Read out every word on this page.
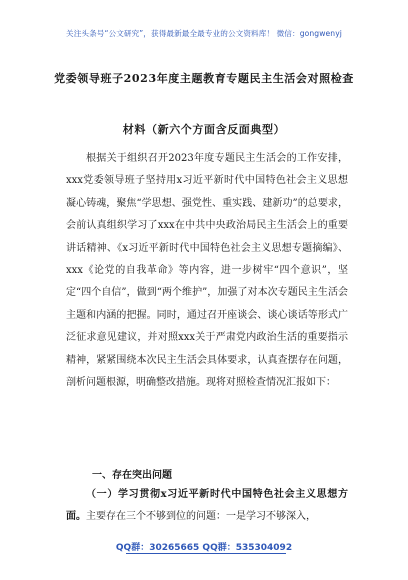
关注头条号“公文研究”，获得最新最全最专业的公文资料库！ 微信：gongwenyj
党委领导班子2023年度主题教育专题民主生活会对照检查
材料（新六个方面含反面典型）

根据关于组织召开2023年度专题民主生活会的工作安排，xxx党委领导班子坚持用x习近平新时代中国特色社会主义思想凝心铸魂，聚焦“学思想、强党性、重实践、建新功”的总要求，会前认真组织学习了xxx在中共中央政治局民主生活会上的重要讲话精神、《x习近平新时代中国特色社会主义思想专题摘编》、xxx《论党的自我革命》等内容，进一步树牢“四个意识”，坚定“四个自信”，做到“两个维护”，加强了对本次专题民主生活会主题和内涵的把握。同时，通过召开座谈会、谈心谈话等形式广泛征求意见建议，并对照xxx关于严肃党内政治生活的重要指示精神，紧紧围绕本次民主生活会具体要求，认真查摆存在问题，剖析问题根源，明确整改措施。现将对照检查情况汇报如下：

一、存在突出问题

（一）学习贯彻x习近平新时代中国特色社会主义思想方面。主要存在三个不够到位的问题：一是学习不够深入，

QQ群：30265665 QQ群：535304092
